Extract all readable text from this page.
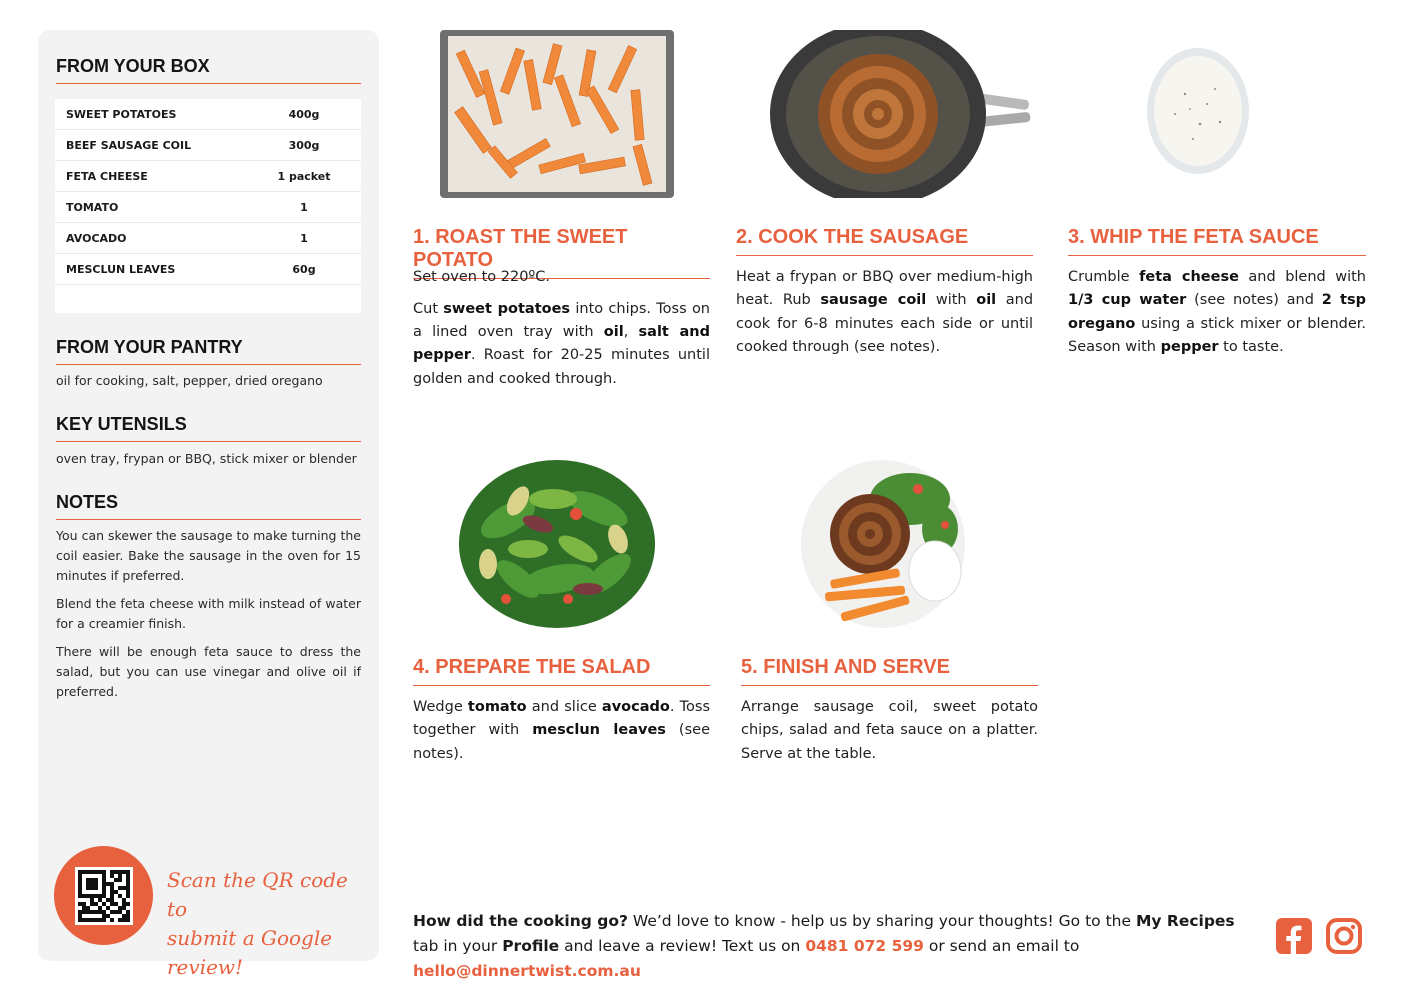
FROM YOUR BOX
SWEET POTATOES	400g
BEEF SAUSAGE COIL	300g
FETA CHEESE	1 packet
TOMATO	1
AVOCADO	1
MESCLUN LEAVES	60g
FROM YOUR PANTRY
oil for cooking, salt, pepper, dried oregano
KEY UTENSILS
oven tray, frypan or BBQ, stick mixer or blender
NOTES

You can skewer the sausage to make turning the coil easier. Bake the sausage in the oven for 15 minutes if preferred.

Blend the feta cheese with milk instead of water for a creamier finish.

There will be enough feta sauce to dress the salad, but you can use vinegar and olive oil if preferred.

Scan the QR code to
submit a Google review!
1. ROAST THE SWEET POTATO

Set oven to 220ºC.

Cut sweet potatoes into chips. Toss on a lined oven tray with oil, salt and pepper. Roast for 20-25 minutes until golden and cooked through.

2. COOK THE SAUSAGE

Heat a frypan or BBQ over medium-high heat. Rub sausage coil with oil and cook for 6-8 minutes each side or until cooked through (see notes).

3. WHIP THE FETA SAUCE

Crumble feta cheese and blend with 1/3 cup water (see notes) and 2 tsp oregano using a stick mixer or blender. Season with pepper to taste.

4. PREPARE THE SALAD

Wedge tomato and slice avocado. Toss together with mesclun leaves (see notes).

5. FINISH AND SERVE

Arrange sausage coil, sweet potato chips, salad and feta sauce on a platter. Serve at the table.

How did the cooking go? We’d love to know - help us by sharing your thoughts! Go to the My Recipes tab in your Profile and leave a review! Text us on 0481 072 599 or send an email to hello@dinnertwist.com.au
